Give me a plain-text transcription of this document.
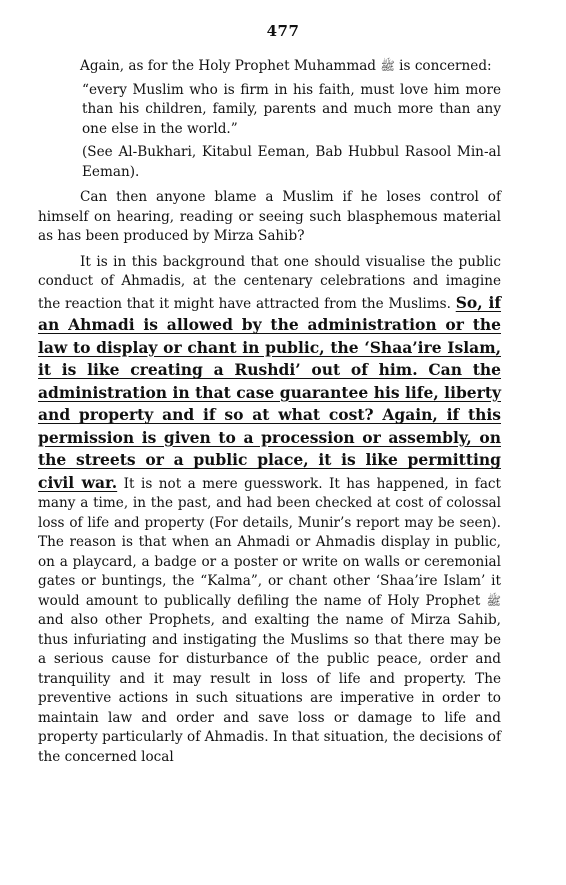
477

Again, as for the Holy Prophet Muhammad ﷺ is concerned:

“every Muslim who is firm in his faith, must love him more than his children, family, parents and much more than any one else in the world.”

(See Al-Bukhari, Kitabul Eeman, Bab Hubbul Rasool Min-al Eeman).

Can then anyone blame a Muslim if he loses control of himself on hearing, reading or seeing such blasphemous material as has been produced by Mirza Sahib?

It is in this background that one should visualise the public conduct of Ahmadis, at the centenary celebrations and imagine the reaction that it might have attracted from the Muslims. So, if an Ahmadi is allowed by the administration or the law to display or chant in public, the ‘Shaa’ire Islam, it is like creating a Rushdi’ out of him. Can the administration in that case guarantee his life, liberty and property and if so at what cost? Again, if this permission is given to a procession or assembly, on the streets or a public place, it is like permitting civil war. It is not a mere guesswork. It has happened, in fact many a time, in the past, and had been checked at cost of colossal loss of life and property (For details, Munir’s report may be seen). The reason is that when an Ahmadi or Ahmadis display in public, on a playcard, a badge or a poster or write on walls or ceremonial gates or buntings, the “Kalma”, or chant other ‘Shaa’ire Islam’ it would amount to publically defiling the name of Holy Prophet ﷺ and also other Prophets, and exalting the name of Mirza Sahib, thus infuriating and instigating the Muslims so that there may be a serious cause for disturbance of the public peace, order and tranquility and it may result in loss of life and property. The preventive actions in such situations are imperative in order to maintain law and order and save loss or damage to life and property particularly of Ahmadis. In that situation, the decisions of the concerned local
